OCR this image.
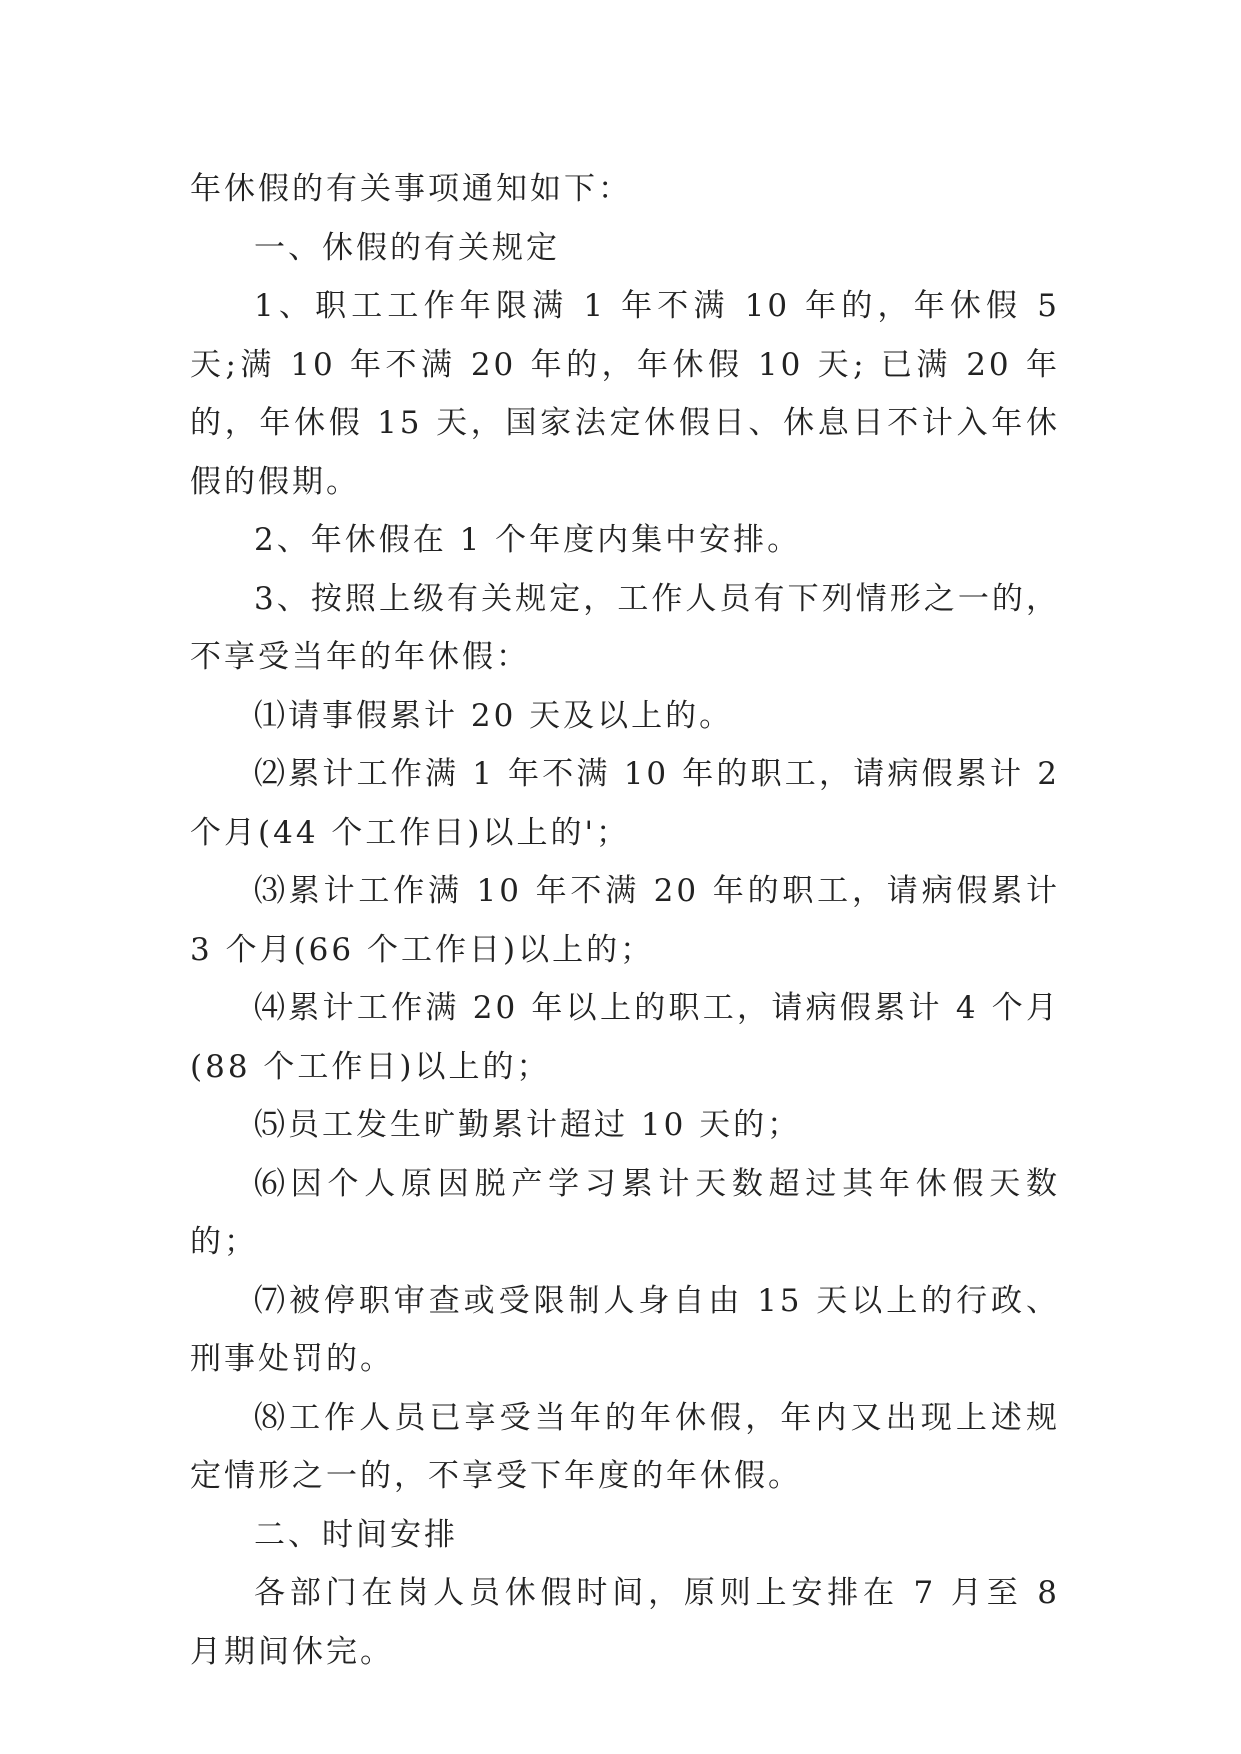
年休假的有关事项通知如下：

一、休假的有关规定

1、职工工作年限满 1 年不满 10 年的，年休假 5 天;满 10 年不满 20 年的，年休假 10 天; 已满 20 年的，年休假 15 天，国家法定休假日、休息日不计入年休假的假期。

2、年休假在 1 个年度内集中安排。

3、按照上级有关规定，工作人员有下列情形之一的，不享受当年的年休假：

⑴请事假累计 20 天及以上的。

⑵累计工作满 1 年不满 10 年的职工，请病假累计 2 个月(44 个工作日)以上的'；

⑶累计工作满 10 年不满 20 年的职工，请病假累计 3 个月(66 个工作日)以上的；

⑷累计工作满 20 年以上的职工，请病假累计 4 个月(88 个工作日)以上的；

⑸员工发生旷勤累计超过 10 天的；

⑹因个人原因脱产学习累计天数超过其年休假天数的；

⑺被停职审查或受限制人身自由 15 天以上的行政、刑事处罚的。

⑻工作人员已享受当年的年休假，年内又出现上述规定情形之一的，不享受下年度的年休假。

二、时间安排

各部门在岗人员休假时间，原则上安排在 7 月至 8 月期间休完。
